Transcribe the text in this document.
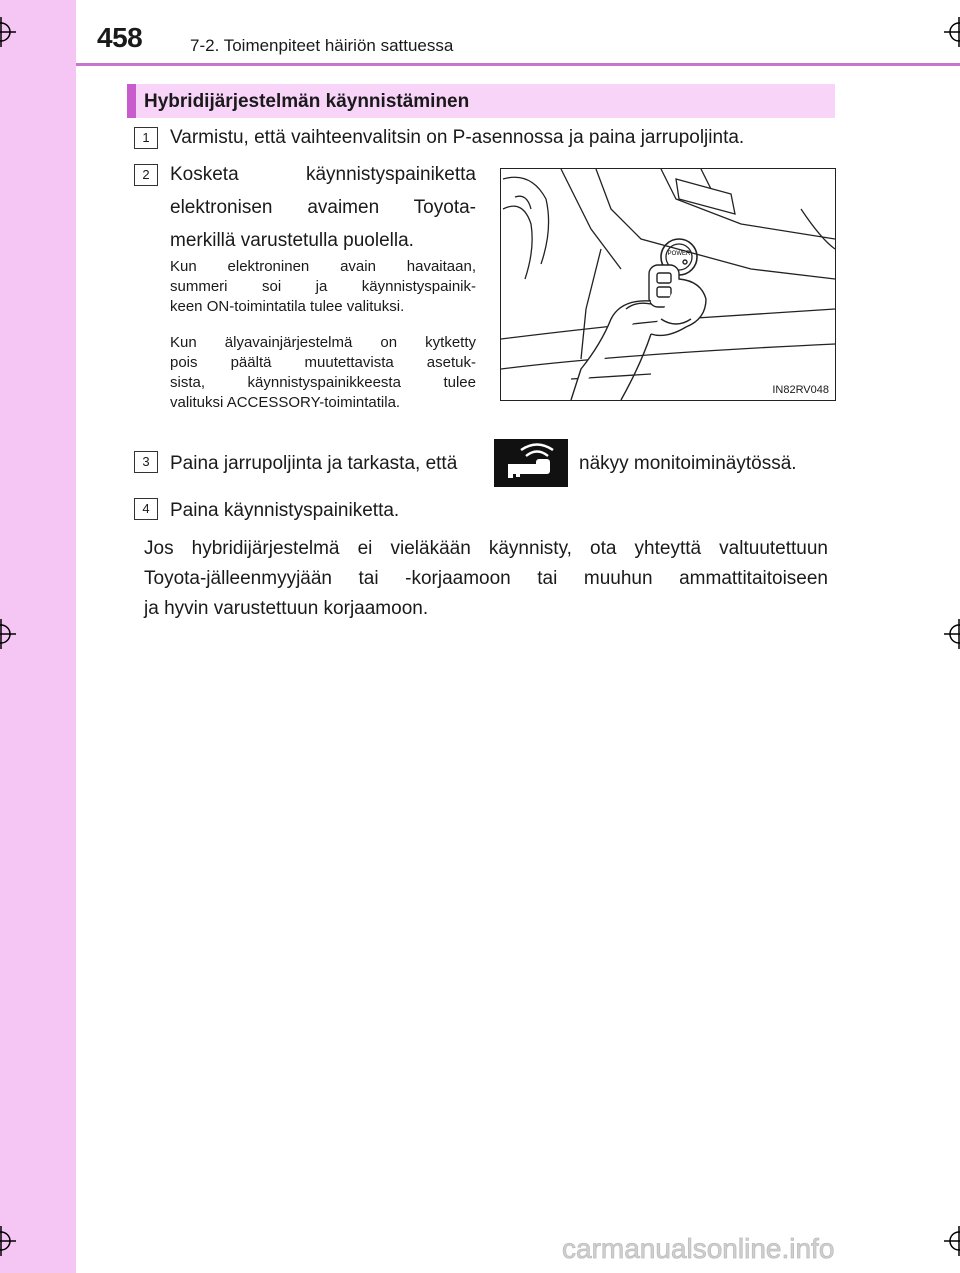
458	7-2. Toimenpiteet häiriön sattuessa
Hybridijärjestelmän käynnistäminen
1	Varmistu, että vaihteenvalitsin on P-asennossa ja paina jarrupoljinta.
2	Kosketa käynnistyspainiketta
elektronisen avaimen Toyota-
merkillä varustetulla puolella.
Kun elektroninen avain havaitaan,
summeri soi ja käynnistyspainik-
keen ON-toimintatila tulee valituksi.
Kun älyavainjärjestelmä on kytketty
pois päältä muutettavista asetuk-
sista, käynnistyspainikkeesta tulee
valituksi ACCESSORY-toimintatila.
POWER
IN82RV048
3	Paina jarrupoljinta ja tarkasta, että	näkyy monitoiminäytössä.
4	Paina käynnistyspainiketta.
Jos hybridijärjestelmä ei vieläkään käynnisty, ota yhteyttä valtuutettuun
Toyota-jälleenmyyjään tai -korjaamoon tai muuhun ammattitaitoiseen
ja hyvin varustettuun korjaamoon.
carmanualsonline.info
